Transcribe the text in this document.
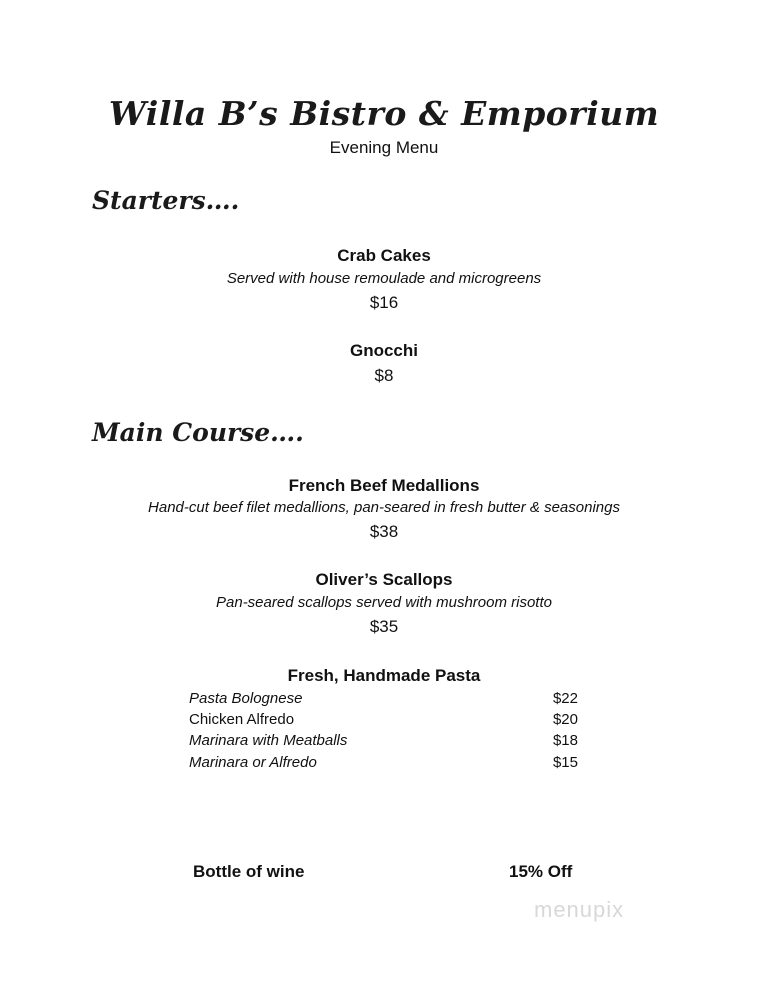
Willa B’s Bistro & Emporium
Evening Menu
Starters….
Crab Cakes
Served with house remoulade and microgreens
$16
Gnocchi
$8
Main Course….
French Beef Medallions
Hand-cut beef filet medallions, pan-seared in fresh butter & seasonings
$38
Oliver’s Scallops
Pan-seared scallops served with mushroom risotto
$35
Fresh, Handmade Pasta
Pasta Bolognese	$22
Chicken Alfredo	$20
Marinara with Meatballs	$18
Marinara or Alfredo	$15
Bottle of wine	15% Off
menupix
